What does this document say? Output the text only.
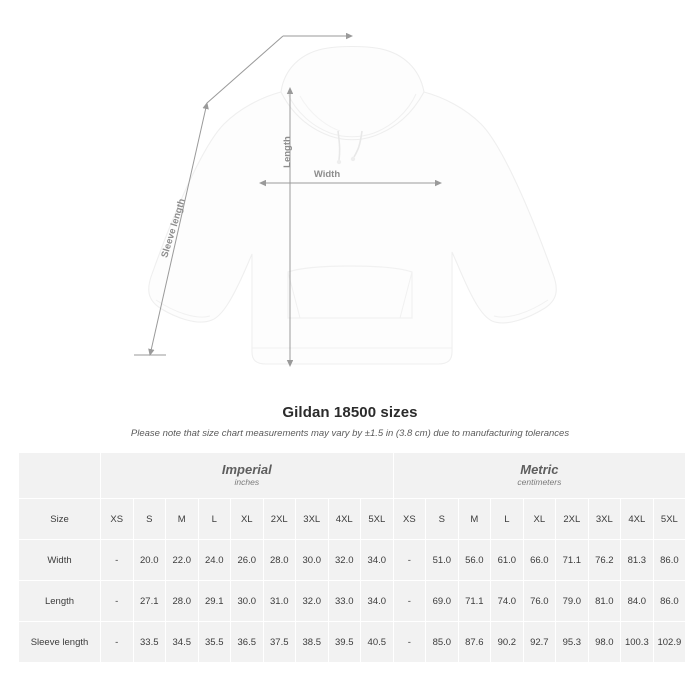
Length
Width
Sleeve length
Gildan 18500 sizes
Please note that size chart measurements may vary by ±1.5 in (3.8 cm) due to manufacturing tolerances

Imperial
inches

Metric
centimeters

Size	XS	S	M	L	XL	2XL	3XL	4XL	5XL	XS	S	M	L	XL	2XL	3XL	4XL	5XL
Width	-	20.0	22.0	24.0	26.0	28.0	30.0	32.0	34.0	-	51.0	56.0	61.0	66.0	71.1	76.2	81.3	86.0
Length	-	27.1	28.0	29.1	30.0	31.0	32.0	33.0	34.0	-	69.0	71.1	74.0	76.0	79.0	81.0	84.0	86.0
Sleeve length	-	33.5	34.5	35.5	36.5	37.5	38.5	39.5	40.5	-	85.0	87.6	90.2	92.7	95.3	98.0	100.3	102.9
